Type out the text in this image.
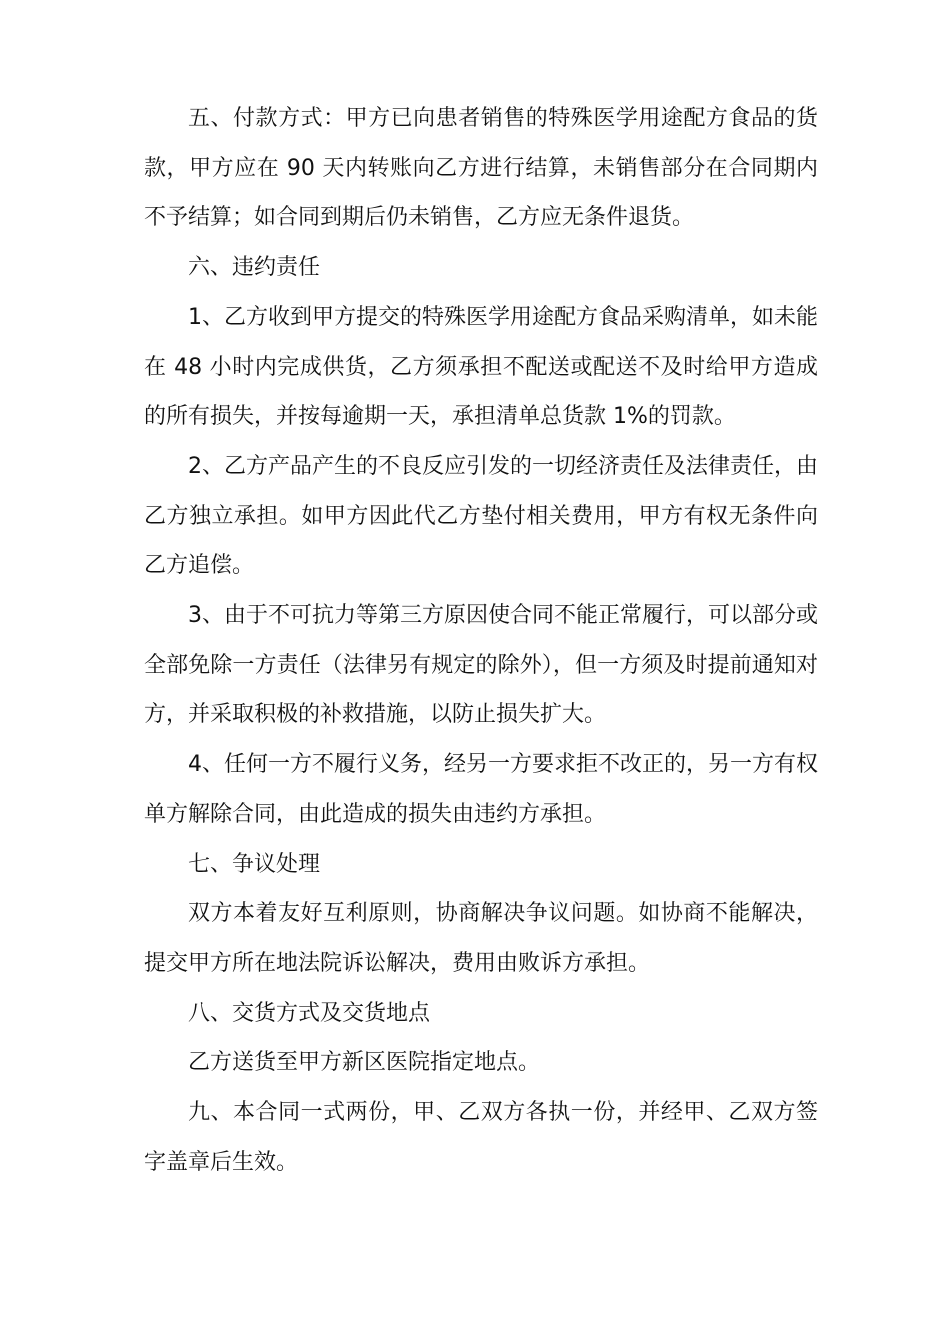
五、付款方式：甲方已向患者销售的特殊医学用途配方食品的货款，甲方应在 90 天内转账向乙方进行结算，未销售部分在合同期内不予结算；如合同到期后仍未销售，乙方应无条件退货。

六、违约责任

1、乙方收到甲方提交的特殊医学用途配方食品采购清单，如未能在 48 小时内完成供货，乙方须承担不配送或配送不及时给甲方造成的所有损失，并按每逾期一天，承担清单总货款 1%的罚款。

2、乙方产品产生的不良反应引发的一切经济责任及法律责任，由乙方独立承担。如甲方因此代乙方垫付相关费用，甲方有权无条件向乙方追偿。

3、由于不可抗力等第三方原因使合同不能正常履行，可以部分或全部免除一方责任（法律另有规定的除外），但一方须及时提前通知对方，并采取积极的补救措施，以防止损失扩大。

4、任何一方不履行义务，经另一方要求拒不改正的，另一方有权单方解除合同，由此造成的损失由违约方承担。

七、争议处理

双方本着友好互利原则，协商解决争议问题。如协商不能解决，提交甲方所在地法院诉讼解决，费用由败诉方承担。

八、交货方式及交货地点

乙方送货至甲方新区医院指定地点。

九、本合同一式两份，甲、乙双方各执一份，并经甲、乙双方签字盖章后生效。
